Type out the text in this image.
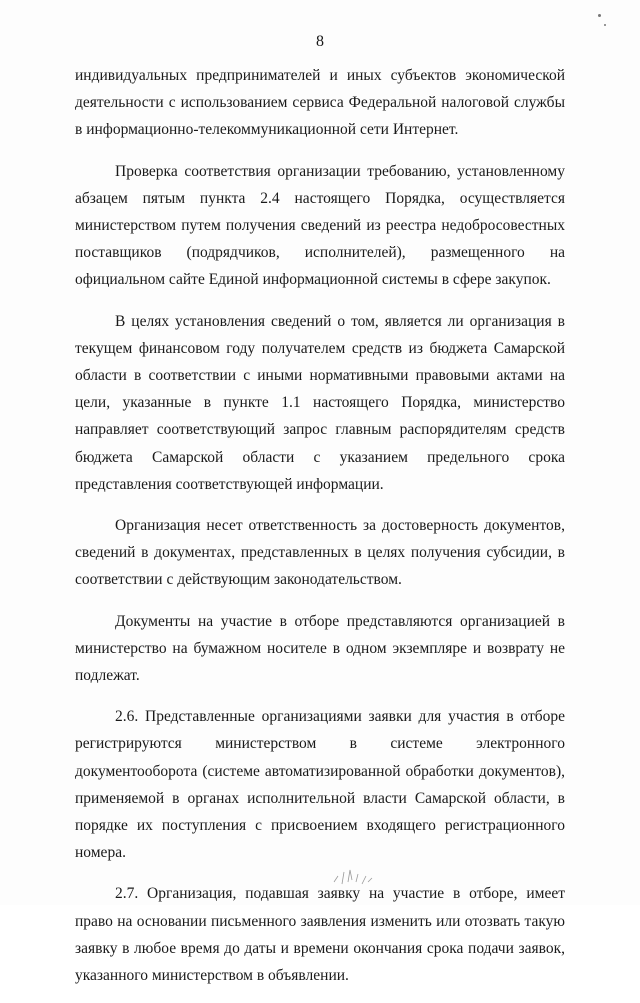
8

индивидуальных предпринимателей и иных субъектов экономической деятельности с использованием сервиса Федеральной налоговой службы в информационно-телекоммуникационной сети Интернет.

Проверка соответствия организации требованию, установленному абзацем пятым пункта 2.4 настоящего Порядка, осуществляется министерством путем получения сведений из реестра недобросовестных поставщиков (подрядчиков, исполнителей), размещенного на официальном сайте Единой информационной системы в сфере закупок.

В целях установления сведений о том, является ли организация в текущем финансовом году получателем средств из бюджета Самарской области в соответствии с иными нормативными правовыми актами на цели, указанные в пункте 1.1 настоящего Порядка, министерство направляет соответствующий запрос главным распорядителям средств бюджета Самарской области с указанием предельного срока представления соответствующей информации.

Организация несет ответственность за достоверность документов, сведений в документах, представленных в целях получения субсидии, в соответствии с действующим законодательством.

Документы на участие в отборе представляются организацией в министерство на бумажном носителе в одном экземпляре и возврату не подлежат.

2.6. Представленные организациями заявки для участия в отборе регистрируются министерством в системе электронного документооборота (системе автоматизированной обработки документов), применяемой в органах исполнительной власти Самарской области, в порядке их поступления с присвоением входящего регистрационного номера.

2.7. Организация, подавшая заявку на участие в отборе, имеет право на основании письменного заявления изменить или отозвать такую заявку в любое время до даты и времени окончания срока подачи заявок, указанного министерством в объявлении.
